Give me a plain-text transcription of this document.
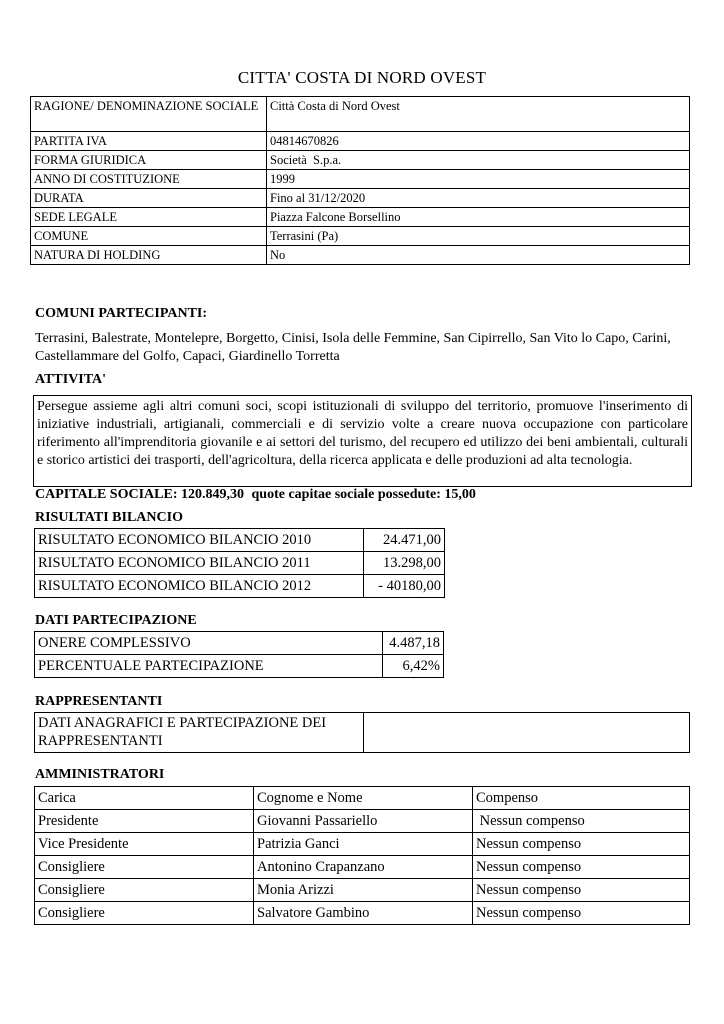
CITTA' COSTA DI NORD OVEST
RAGIONE/ DENOMINAZIONE SOCIALE	Città Costa di Nord Ovest
PARTITA IVA	04814670826
FORMA GIURIDICA	Società  S.p.a.
ANNO DI COSTITUZIONE	1999
DURATA	Fino al 31/12/2020
SEDE LEGALE	Piazza Falcone Borsellino
COMUNE	Terrasini (Pa)
NATURA DI HOLDING	No
COMUNI PARTECIPANTI:
Terrasini, Balestrate, Montelepre, Borgetto, Cinisi, Isola delle Femmine, San Cipirrello, San Vito lo Capo, Carini, Castellammare del Golfo, Capaci, Giardinello Torretta
ATTIVITA'
Persegue assieme agli altri comuni soci, scopi istituzionali di sviluppo del territorio, promuove l'inserimento di iniziative industriali, artigianali, commerciali e di servizio volte a creare nuova occupazione con particolare riferimento all'imprenditoria giovanile e ai settori del turismo, del recupero ed utilizzo dei beni ambientali, culturali e storico artistici dei trasporti, dell'agricoltura, della ricerca applicata e delle produzioni ad alta tecnologia.
CAPITALE SOCIALE: 120.849,30 quote capitae sociale possedute: 15,00
RISULTATI BILANCIO
RISULTATO ECONOMICO BILANCIO 2010	24.471,00
RISULTATO ECONOMICO BILANCIO 2011	13.298,00
RISULTATO ECONOMICO BILANCIO 2012	- 40180,00
DATI PARTECIPAZIONE
ONERE COMPLESSIVO	4.487,18
PERCENTUALE PARTECIPAZIONE	6,42%
RAPPRESENTANTI
DATI ANAGRAFICI E PARTECIPAZIONE DEI RAPPRESENTANTI	
AMMINISTRATORI
Carica	Cognome e Nome	Compenso
Presidente	Giovanni Passariello	Nessun compenso
Vice Presidente	Patrizia Ganci	Nessun compenso
Consigliere	Antonino Crapanzano	Nessun compenso
Consigliere	Monia Arizzi	Nessun compenso
Consigliere	Salvatore Gambino	Nessun compenso
